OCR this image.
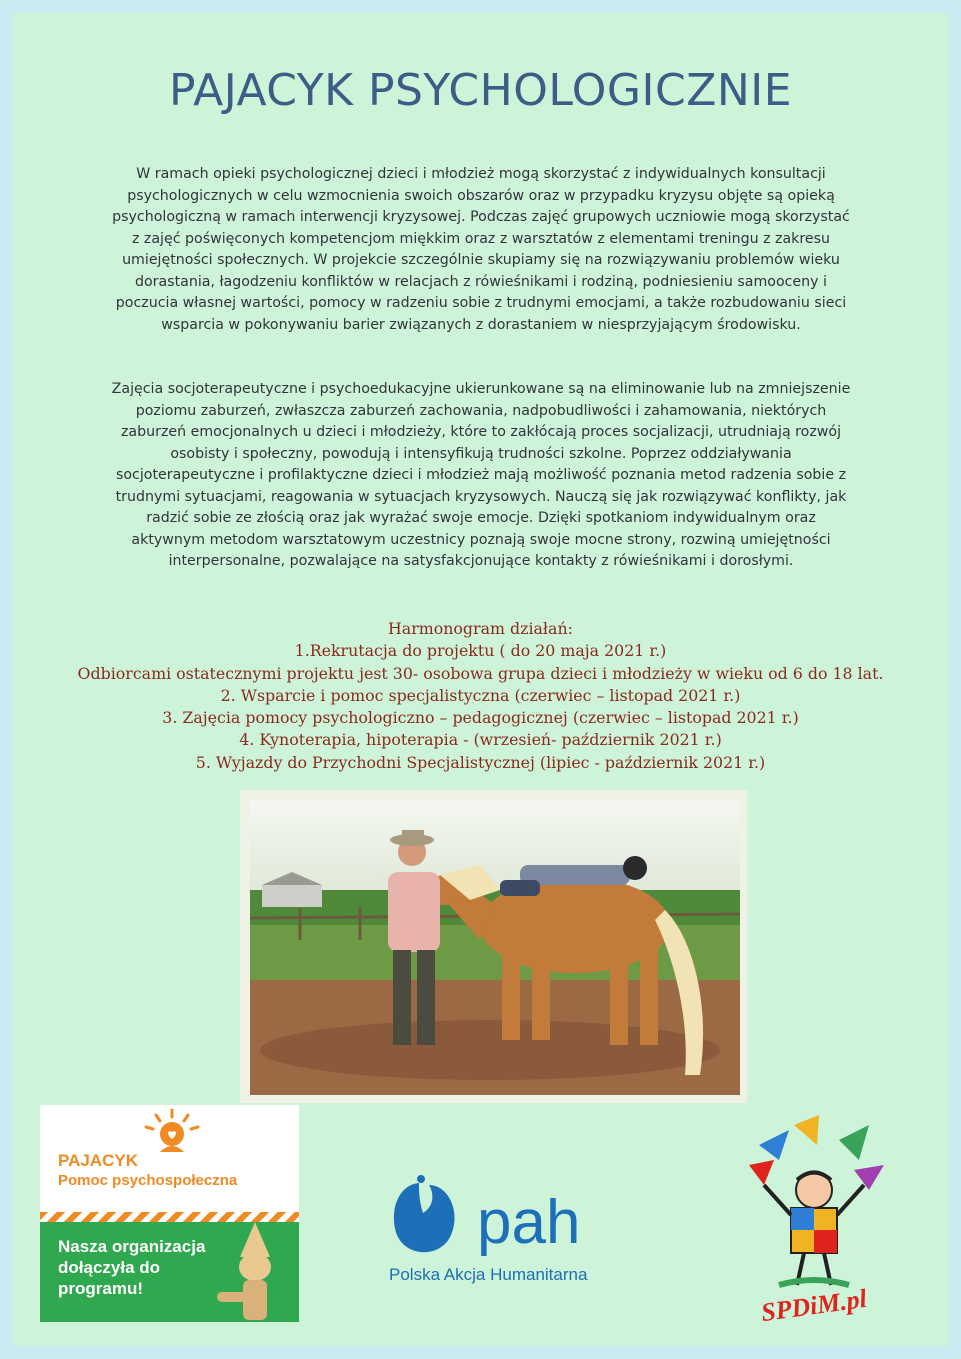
PAJACYK PSYCHOLOGICZNIE

W ramach opieki psychologicznej dzieci i młodzież mogą skorzystać z indywidualnych konsultacji psychologicznych w celu wzmocnienia swoich obszarów oraz w przypadku kryzysu objęte są opieką psychologiczną w ramach interwencji kryzysowej. Podczas zajęć grupowych uczniowie mogą skorzystać z zajęć poświęconych kompetencjom miękkim oraz z warsztatów z elementami treningu z zakresu umiejętności społecznych. W projekcie szczególnie skupiamy się na rozwiązywaniu problemów wieku dorastania, łagodzeniu konfliktów w relacjach z rówieśnikami i rodziną, podniesieniu samooceny i poczucia własnej wartości, pomocy w radzeniu sobie z trudnymi emocjami, a także rozbudowaniu sieci wsparcia w pokonywaniu barier związanych z dorastaniem w niesprzyjającym środowisku.

Zajęcia socjoterapeutyczne i psychoedukacyjne ukierunkowane są na eliminowanie lub na zmniejszenie poziomu zaburzeń, zwłaszcza zaburzeń zachowania, nadpobudliwości i zahamowania, niektórych zaburzeń emocjonalnych u dzieci i młodzieży, które to zakłócają proces socjalizacji, utrudniają rozwój osobisty i społeczny, powodują i intensyfikują trudności szkolne. Poprzez oddziaływania socjoterapeutyczne i profilaktyczne dzieci i młodzież mają możliwość poznania metod radzenia sobie z trudnymi sytuacjami, reagowania w sytuacjach kryzysowych. Nauczą się jak rozwiązywać konflikty, jak radzić sobie ze złością oraz jak wyrażać swoje emocje. Dzięki spotkaniom indywidualnym oraz aktywnym metodom warsztatowym uczestnicy poznają swoje mocne strony, rozwiną umiejętności interpersonalne, pozwalające na satysfakcjonujące kontakty z rówieśnikami i dorosłymi.

Harmonogram działań:
1.Rekrutacja do projektu ( do 20 maja 2021 r.)
Odbiorcami ostatecznymi projektu jest 30- osobowa grupa dzieci i młodzieży w wieku od 6 do 18 lat.
2. Wsparcie i pomoc specjalistyczna (czerwiec – listopad 2021 r.)
3. Zajęcia pomocy psychologiczno – pedagogicznej (czerwiec – listopad 2021 r.)
4. Kynoterapia, hipoterapia - (wrzesień- październik 2021 r.)
5. Wyjazdy do Przychodni Specjalistycznej (lipiec - październik 2021 r.)
PAJACYK
Pomoc psychospołeczna
Nasza organizacja dołączyła do programu!
pah
Polska Akcja Humanitarna
SPDiM.pl
